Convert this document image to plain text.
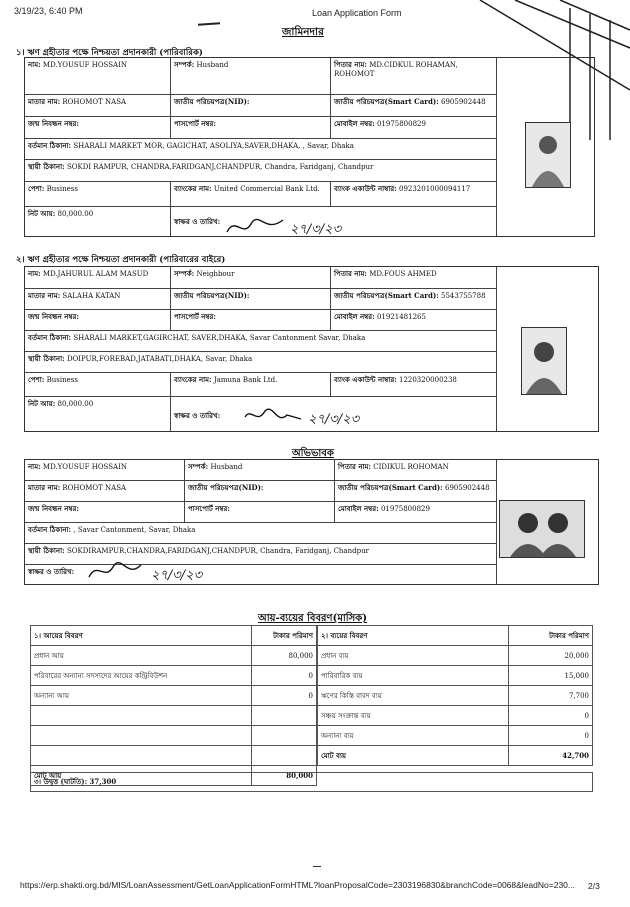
3/19/23, 6:40 PM	Loan Application Form
জামিনদার
১। ঋণ গ্রহীতার পক্ষে নিশ্চয়তা প্রদানকারী (পারিবারিক)
নাম: MD.YOUSUF HOSSAIN	সম্পর্ক: Husband	পিতার নাম: MD.CIDKUL ROHAMAN, ROHOMOT
মাতার নাম: ROHOMOT NASA	জাতীয় পরিচয়পত্র(NID):	জাতীয় পরিচয়পত্র(Smart Card): 6905902448
জন্ম নিবন্ধন নম্বর:	পাসপোর্ট নম্বর:	মোবাইল নম্বর: 01975800829
বর্তমান ঠিকানা: SHARALI MARKET MOR, GAGICHAT, ASOLIYA,SAVER,DHAKA, , Savar, Dhaka
স্থায়ী ঠিকানা: SOKDI RAMPUR, CHANDRA,FARIDGANJ,CHANDPUR, Chandra, Faridganj, Chandpur
পেশা: Business	ব্যাংকের নাম: United Commercial Bank Ltd.	ব্যাংক একাউন্ট নাম্বার: 0923201000094117
নিট আয়: 80,000.00
স্বাক্ষর ও তারিখ:
২৭/৩/২৩
২। ঋণ গ্রহীতার পক্ষে নিশ্চয়তা প্রদানকারী (পারিবারের বাইরে)
নাম: MD.JAHURUL ALAM MASUD	সম্পর্ক: Neighbour	পিতার নাম: MD.FOUS AHMED
মাতার নাম: SALAHA KATAN	জাতীয় পরিচয়পত্র(NID):	জাতীয় পরিচয়পত্র(Smart Card): 5543755788
জন্ম নিবন্ধন নম্বর:	পাসপোর্ট নম্বর:	মোবাইল নম্বর: 01921481265
বর্তমান ঠিকানা: SHARALI MARKET,GAGIRCHAT, SAVER,DHAKA, Savar Cantonment Savar, Dhaka
স্থায়ী ঠিকানা: DOIPUR,FOREBAD,JATABATI,DHAKA, Savar, Dhaka
পেশা: Business	ব্যাংকের নাম: Jamuna Bank Ltd.	ব্যাংক একাউন্ট নাম্বার: 1220320000238
নিট আয়: 80,000.00
স্বাক্ষর ও তারিখ:	২৭/৩/২৩
অভিভাবক
নাম: MD.YOUSUF HOSSAIN	সম্পর্ক: Husband	পিতার নাম: CIDIKUL ROHOMAN
মাতার নাম: ROHOMOT NASA	জাতীয় পরিচয়পত্র(NID):	জাতীয় পরিচয়পত্র(Smart Card): 6905902448
জন্ম নিবন্ধন নম্বর:	পাসপোর্ট নম্বর:	মোবাইল নম্বর: 01975800829
বর্তমান ঠিকানা: , Savar Cantonment, Savar, Dhaka
স্থায়ী ঠিকানা: SOKDIRAMPUR,CHANDRA,FARIDGANJ,CHANDPUR, Chandra, Faridganj, Chandpur
স্বাক্ষর ও তারিখ:	২৭/৩/২৩
আয়-ব্যয়ের বিবরণ(মাসিক)
১। আয়ের বিবরণ	টাকার পরিমাণ
প্রধান আয়	80,000
পরিবারের অন্যান্য সদস্যদের আয়ের কন্ট্রিবিউশন	0
অন্যান্য আয়	0

মোট আয়	80,000
২। ব্যয়ের বিবরণ	টাকার পরিমাণ
প্রধান ব্যয়	20,000
পারিবারিক ব্যয়	15,000
ঋণের কিস্তি বাবদ ব্যয়	7,700
সঞ্চয় সংক্রান্ত ব্যয়	0
অন্যান্য ব্যয়	0
মোট ব্যয়	42,700
৩। উদ্বৃত্ত (ঘাটতি): 37,300
https://erp.shakti.org.bd/MIS/LoanAssessment/GetLoanApplicationFormHTML?loanProposalCode=2303196830&branchCode=0068&leadNo=230...	2/3
